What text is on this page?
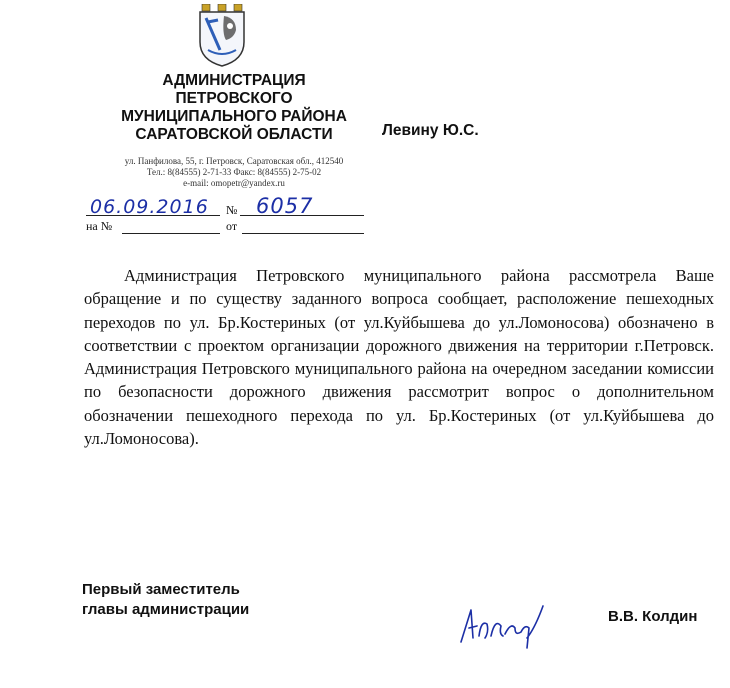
АДМИНИСТРАЦИЯ
ПЕТРОВСКОГО
МУНИЦИПАЛЬНОГО РАЙОНА
САРАТОВСКОЙ ОБЛАСТИ
ул. Панфилова, 55, г. Петровск, Саратовская обл., 412540
Тел.: 8(84555) 2-71-33 Факс: 8(84555) 2-75-02
e-mail: omopetr@yandex.ru
Левину Ю.С.
06.09.2016 № 6057
на №	от

Администрация Петровского муниципального района рассмотрела Ваше обращение и по существу заданного вопроса сообщает, расположение пешеходных переходов по ул. Бр.Костериных (от ул.Куйбышева до ул.Ломоносова) обозначено в соответствии с проектом организации дорожного движения на территории г.Петровск. Администрация Петровского муниципального района на очередном заседании комиссии по безопасности дорожного движения рассмотрит вопрос о дополнительном обозначении пешеходного перехода по ул. Бр.Костериных (от ул.Куйбышева до ул.Ломоносова).

Первый заместитель
главы администрации	В.В. Колдин
